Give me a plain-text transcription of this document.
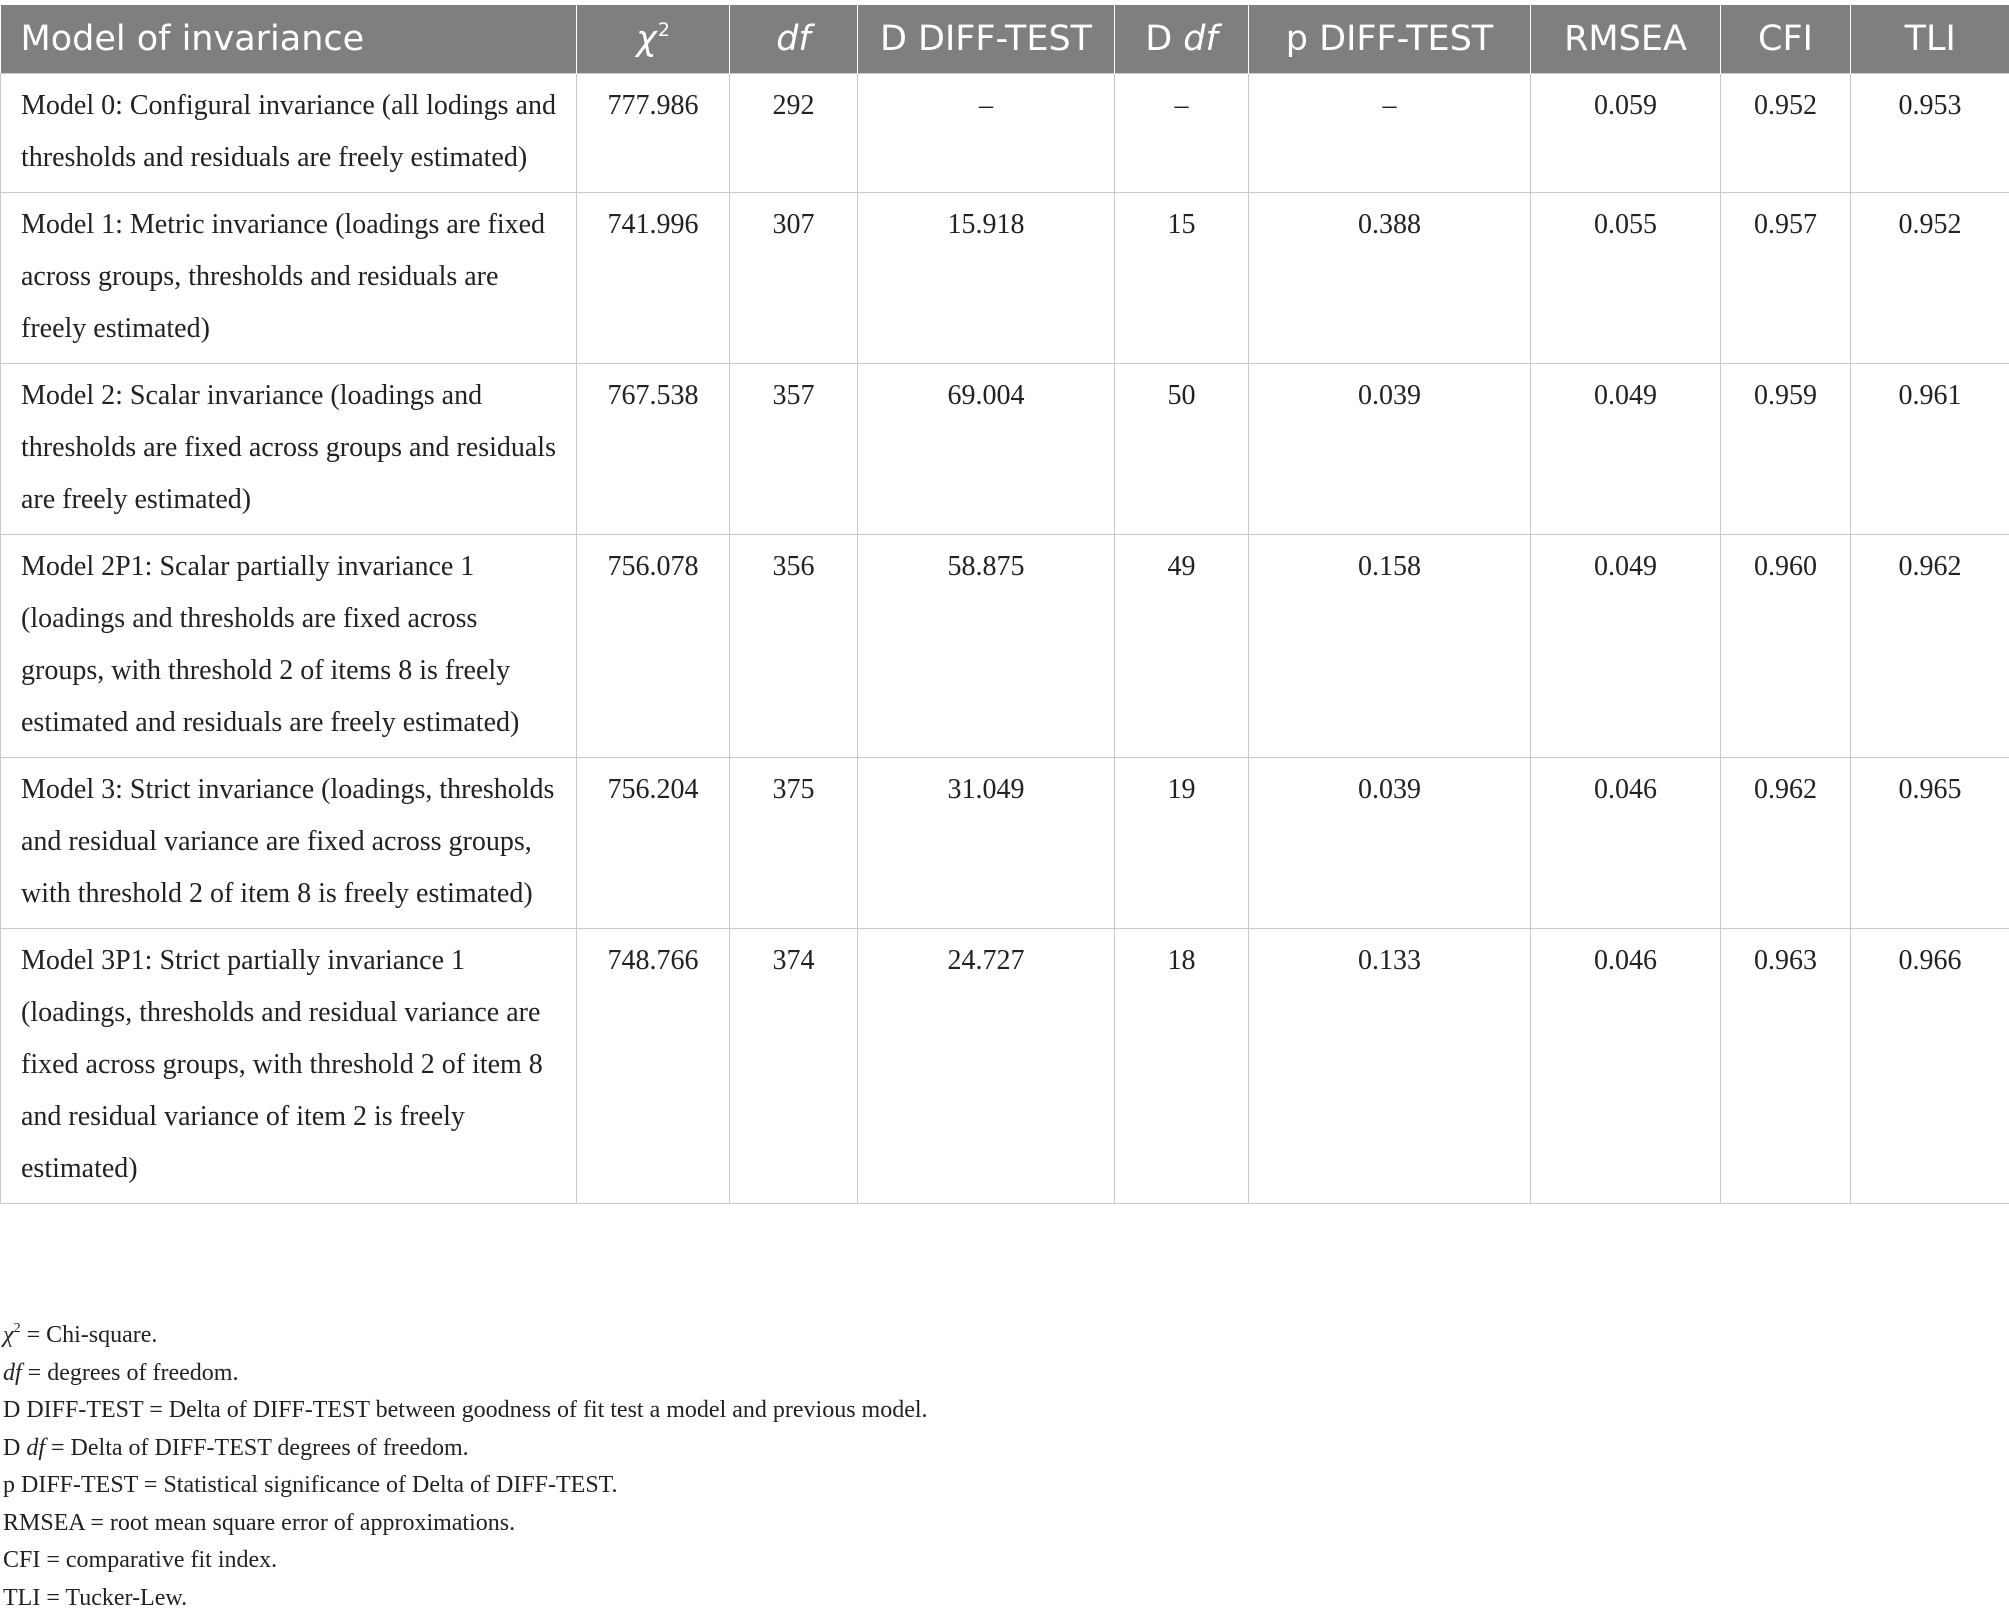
Model of invariance	$\chi^2$	df	D DIFF-TEST	D df	p DIFF-TEST	RMSEA	CFI	TLI
Model 0: Configural invariance (all lodings and thresholds and residuals are freely estimated)	777.986	292	–	–	–	0.059	0.952	0.953
Model 1: Metric invariance (loadings are fixed across groups, thresholds and residuals are freely estimated)	741.996	307	15.918	15	0.388	0.055	0.957	0.952
Model 2: Scalar invariance (loadings and thresholds are fixed across groups and residuals are freely estimated)	767.538	357	69.004	50	0.039	0.049	0.959	0.961
Model 2P1: Scalar partially invariance 1 (loadings and thresholds are fixed across groups, with threshold 2 of items 8 is freely estimated and residuals are freely estimated)	756.078	356	58.875	49	0.158	0.049	0.960	0.962
Model 3: Strict invariance (loadings, thresholds and residual variance are fixed across groups, with threshold 2 of item 8 is freely estimated)	756.204	375	31.049	19	0.039	0.046	0.962	0.965
Model 3P1: Strict partially invariance 1 (loadings, thresholds and residual variance are fixed across groups, with threshold 2 of item 8 and residual variance of item 2 is freely estimated)	748.766	374	24.727	18	0.133	0.046	0.963	0.966
$\chi^2$ = Chi-square.
df = degrees of freedom.
D DIFF-TEST = Delta of DIFF-TEST between goodness of fit test a model and previous model.
D df = Delta of DIFF-TEST degrees of freedom.
p DIFF-TEST = Statistical significance of Delta of DIFF-TEST.
RMSEA = root mean square error of approximations.
CFI = comparative fit index.
TLI = Tucker-Lew.
